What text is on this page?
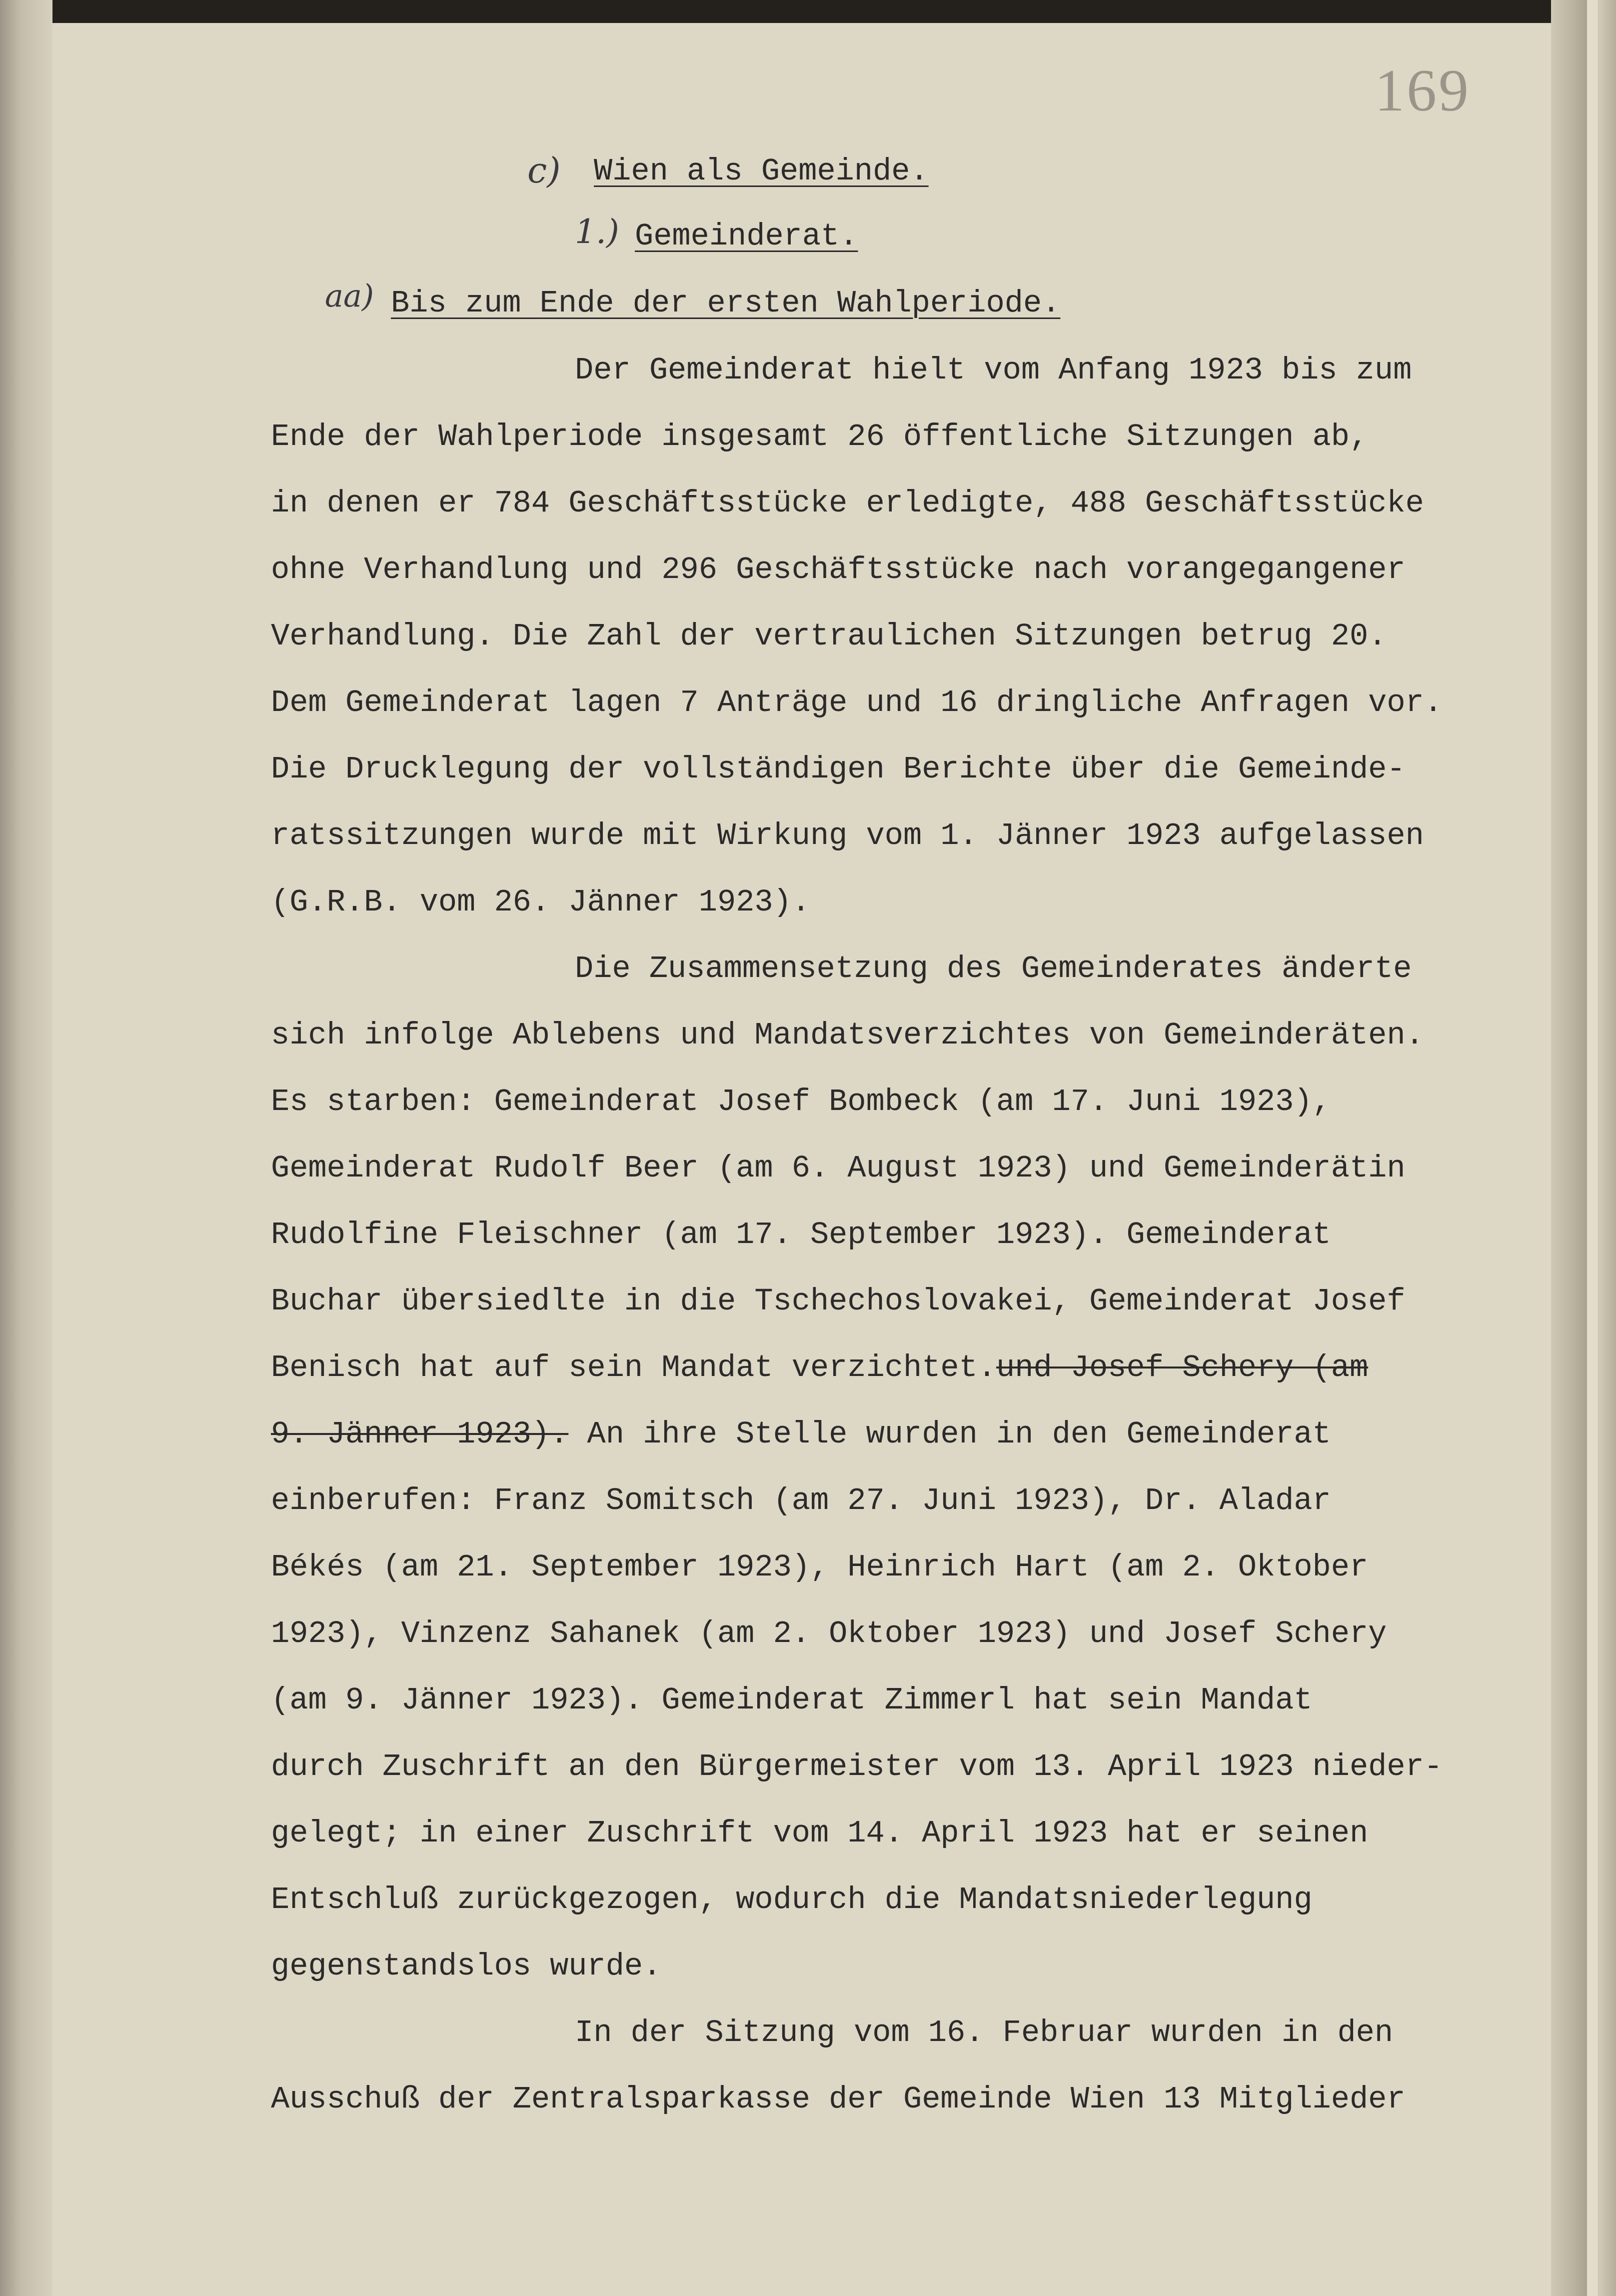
169
c)
1.)
aa)
Wien als Gemeinde.
Gemeinderat.
Bis zum Ende der ersten Wahlperiode.
Der Gemeinderat hielt vom Anfang 1923 bis zum
Ende der Wahlperiode insgesamt 26 öffentliche Sitzungen ab,
in denen er 784 Geschäftsstücke erledigte, 488 Geschäftsstücke
ohne Verhandlung und 296 Geschäftsstücke nach vorangegangener
Verhandlung. Die Zahl der vertraulichen Sitzungen betrug 20.
Dem Gemeinderat lagen 7 Anträge und 16 dringliche Anfragen vor.
Die Drucklegung der vollständigen Berichte über die Gemeinde-
ratssitzungen wurde mit Wirkung vom 1. Jänner 1923 aufgelassen
(G.R.B. vom 26. Jänner 1923).
Die Zusammensetzung des Gemeinderates änderte
sich infolge Ablebens und Mandatsverzichtes von Gemeinderäten.
Es starben: Gemeinderat Josef Bombeck (am 17. Juni 1923),
Gemeinderat Rudolf Beer (am 6. August 1923) und Gemeinderätin
Rudolfine Fleischner (am 17. September 1923). Gemeinderat
Buchar übersiedlte in die Tschechoslovakei, Gemeinderat Josef
Benisch hat auf sein Mandat verzichtet.und Josef Schery (am
9. Jänner 1923). An ihre Stelle wurden in den Gemeinderat
einberufen: Franz Somitsch (am 27. Juni 1923), Dr. Aladar
Békés (am 21. September 1923), Heinrich Hart (am 2. Oktober
1923), Vinzenz Sahanek (am 2. Oktober 1923) und Josef Schery
(am 9. Jänner 1923). Gemeinderat Zimmerl hat sein Mandat
durch Zuschrift an den Bürgermeister vom 13. April 1923 nieder-
gelegt; in einer Zuschrift vom 14. April 1923 hat er seinen
Entschluß zurückgezogen, wodurch die Mandatsniederlegung
gegenstandslos wurde.
In der Sitzung vom 16. Februar wurden in den
Ausschuß der Zentralsparkasse der Gemeinde Wien 13 Mitglieder
